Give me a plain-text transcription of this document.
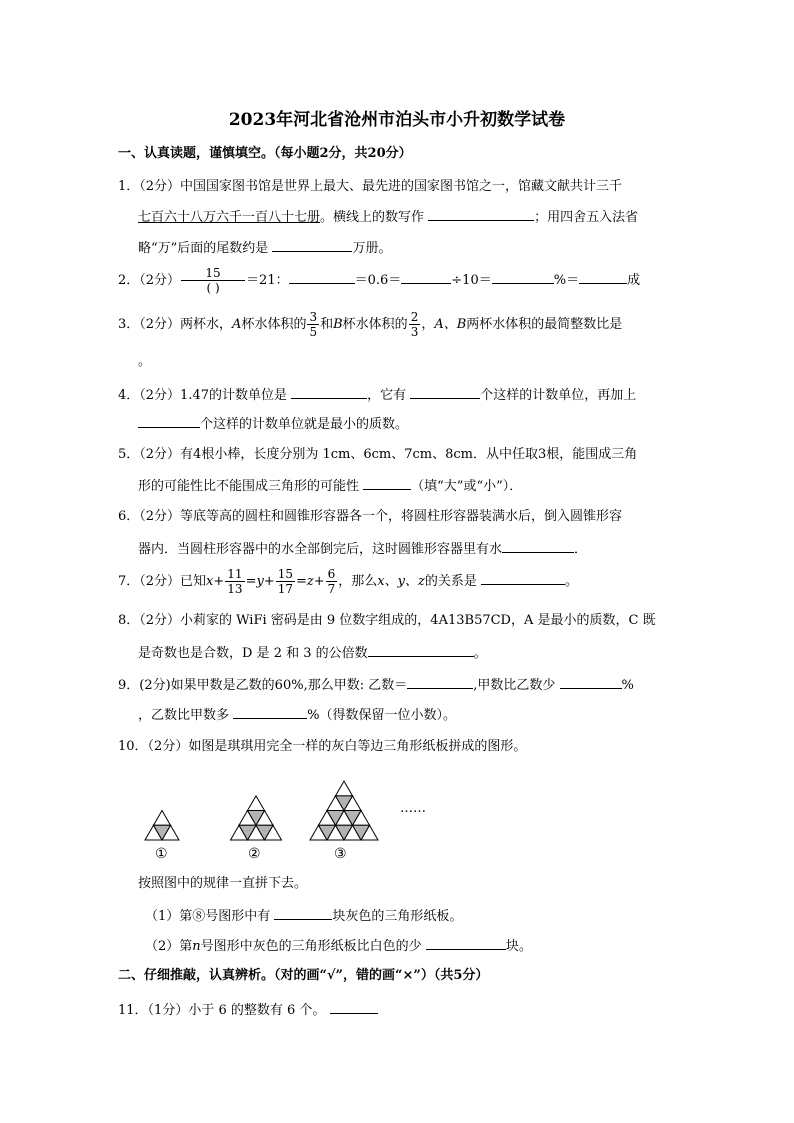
2023年河北省沧州市泊头市小升初数学试卷
一、认真读题，谨慎填空。（每小题2分，共20分）
1．（2分）中国国家图书馆是世界上最大、最先进的国家图书馆之一，馆藏文献共计三千
七百六十八万六千一百八十七册。横线上的数写作	；用四舍五入法省
略“万”后面的尾数约是	万册。
2．（2分） $\frac{15}{( )} =21$：	＝0.6＝	÷10＝	%＝	成
3．（2分）两杯水，A杯水体积的 $\frac{3}{5}$ 和B杯水体积的 $\frac{2}{3}$ ，A、B两杯水体积的最简整数比是
。
4．（2分）1.47的计数单位是	，它有	个这样的计数单位，再加上
个这样的计数单位就是最小的质数。
5．（2分）有4根小棒，长度分别为 1cm、6cm、7cm、8cm．从中任取3根，能围成三角
形的可能性比不能围成三角形的可能性	（填“大”或“小”）．
6．（2分）等底等高的圆柱和圆锥形容器各一个，将圆柱形容器装满水后，倒入圆锥形容
器内．当圆柱形容器中的水全部倒完后，这时圆锥形容器里有水	．
7．（2分）已知$x+ \frac{11}{13} =y+ \frac{15}{17} =z+ \frac{6}{7}$ ，那么x、y、z的关系是	。
8．（2分）小莉家的 WiFi 密码是由 9 位数字组成的，4A13B57CD，A 是最小的质数，C 既
是奇数也是合数，D 是 2 和 3 的公倍数	。
9．(2分)如果甲数是乙数的60%,那么甲数: 乙数＝	,甲数比乙数少	%
，乙数比甲数多	%（得数保留一位小数）。
10．（2分）如图是琪琪用完全一样的灰白等边三角形纸板拼成的图形。
……
①	②	③
按照图中的规律一直拼下去。
（1）第⑧号图形中有	块灰色的三角形纸板。
（2）第n号图形中灰色的三角形纸板比白色的少	块。
二、仔细推敲，认真辨析。（对的画“√”，错的画“×”）（共5分）
11．（1分）小于 6 的整数有 6 个。
